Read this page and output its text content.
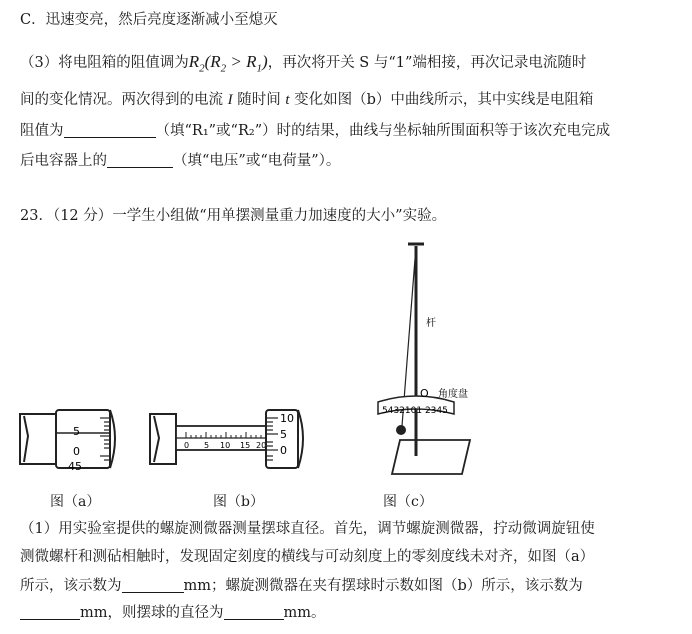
C．迅速变亮，然后亮度逐渐减小至熄灭
（3）将电阻箱的阻值调为$R_2(R_2 > R_1)$，再次将开关 S 与“1”端相接，再次记录电流随时
间的变化情况。两次得到的电流 I 随时间 t 变化如图（b）中曲线所示，其中实线是电阻箱
阻值为	（填“R₁”或“R₂”）时的结果，曲线与坐标轴所围面积等于该次充电完成
后电容器上的	（填“电压”或“电荷量”）。
23．（12 分）一学生小组做“用单摆测量重力加速度的大小”实验。
5
0
45
图（a）
0 5 10 15 20
10
5
0
图（b）
5432101 2345
杆
O 角度盘
图（c）
（1）用实验室提供的螺旋测微器测量摆球直径。首先，调节螺旋测微器，拧动微调旋钮使
测微螺杆和测砧相触时，发现固定刻度的横线与可动刻度上的零刻度线未对齐，如图（a）
所示，该示数为	mm；螺旋测微器在夹有摆球时示数如图（b）所示，该示数为
mm，则摆球的直径为	mm。
